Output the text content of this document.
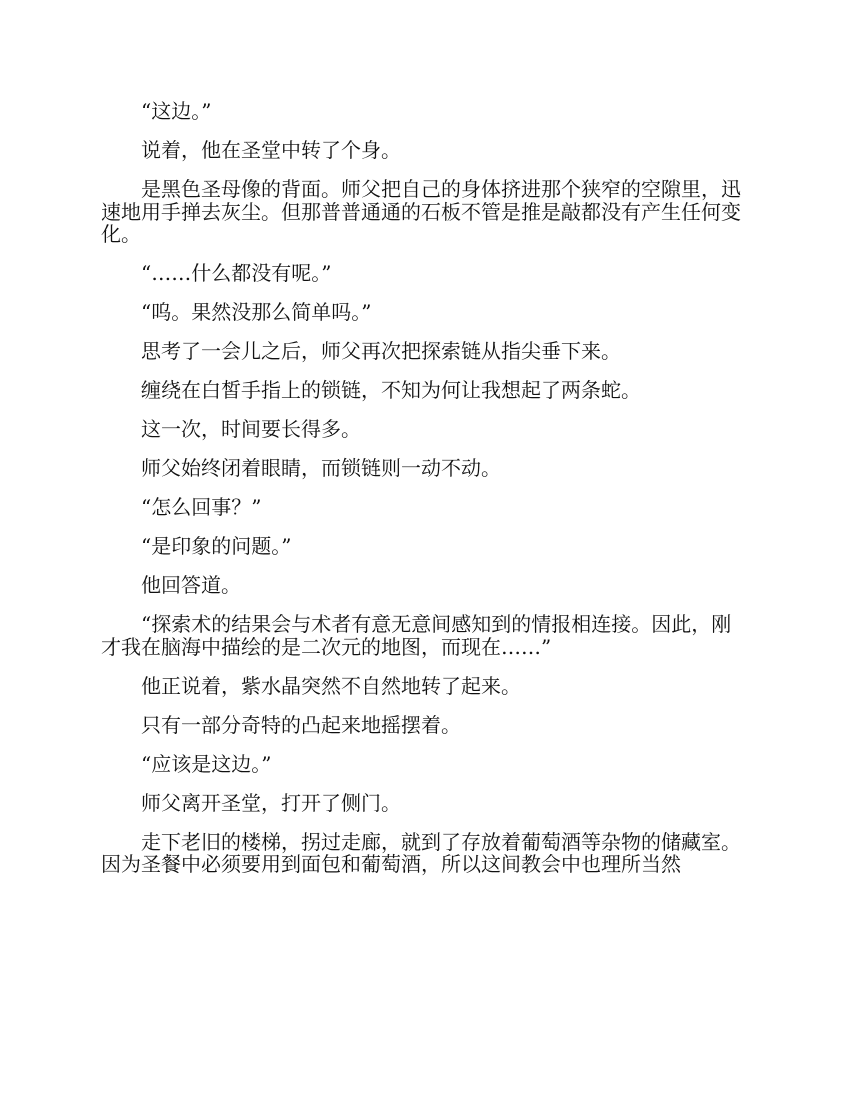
“这边。”

说着，他在圣堂中转了个身。

是黑色圣母像的背面。师父把自己的身体挤进那个狭窄的空隙里，迅速地用手掸去灰尘。但那普普通通的石板不管是推是敲都没有产生任何变化。

“……什么都没有呢。”

“呜。果然没那么简单吗。”

思考了一会儿之后，师父再次把探索链从指尖垂下来。

缠绕在白皙手指上的锁链，不知为何让我想起了两条蛇。

这一次，时间要长得多。

师父始终闭着眼睛，而锁链则一动不动。

“怎么回事？”

“是印象的问题。”

他回答道。

“探索术的结果会与术者有意无意间感知到的情报相连接。因此，刚才我在脑海中描绘的是二次元的地图，而现在……”

他正说着，紫水晶突然不自然地转了起来。

只有一部分奇特的凸起来地摇摆着。

“应该是这边。”

师父离开圣堂，打开了侧门。

走下老旧的楼梯，拐过走廊，就到了存放着葡萄酒等杂物的储藏室。因为圣餐中必须要用到面包和葡萄酒，所以这间教会中也理所当然
